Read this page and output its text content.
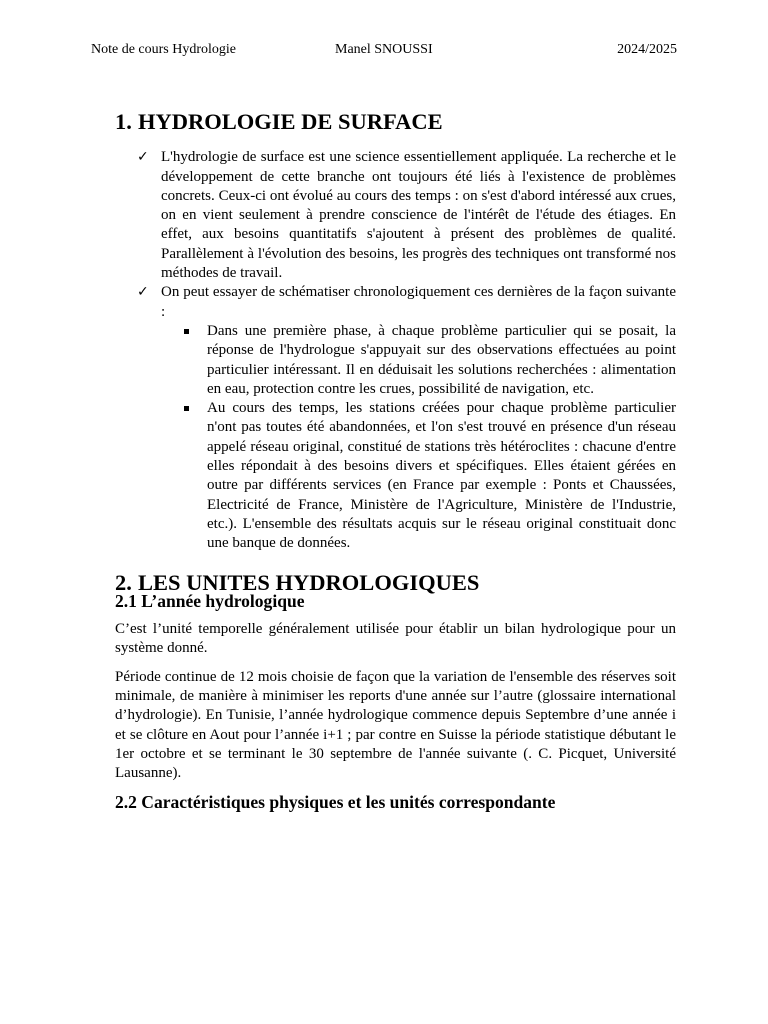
Note de cours Hydrologie	Manel SNOUSSI	2024/2025
1. HYDROLOGIE DE SURFACE
✓ L'hydrologie de surface est une science essentiellement appliquée. La recherche et le développement de cette branche ont toujours été liés à l'existence de problèmes concrets. Ceux-ci ont évolué au cours des temps : on s'est d'abord intéressé aux crues, on en vient seulement à prendre conscience de l'intérêt de l'étude des étiages. En effet, aux besoins quantitatifs s'ajoutent à présent des problèmes de qualité. Parallèlement à l'évolution des besoins, les progrès des techniques ont transformé nos méthodes de travail.
✓ On peut essayer de schématiser chronologiquement ces dernières de la façon suivante :
Dans une première phase, à chaque problème particulier qui se posait, la réponse de l'hydrologue s'appuyait sur des observations effectuées au point particulier intéressant. Il en déduisait les solutions recherchées : alimentation en eau, protection contre les crues, possibilité de navigation, etc.
Au cours des temps, les stations créées pour chaque problème particulier n'ont pas toutes été abandonnées, et l'on s'est trouvé en présence d'un réseau appelé réseau original, constitué de stations très hétéroclites : chacune d'entre elles répondait à des besoins divers et spécifiques. Elles étaient gérées en outre par différents services (en France par exemple : Ponts et Chaussées, Electricité de France, Ministère de l'Agriculture, Ministère de l'Industrie, etc.). L'ensemble des résultats acquis sur le réseau original constituait donc une banque de données.
2. LES UNITES HYDROLOGIQUES
2.1 L’année hydrologique

C’est l’unité temporelle généralement utilisée pour établir un bilan hydrologique pour un système donné.

Période continue de 12 mois choisie de façon que la variation de l'ensemble des réserves soit minimale, de manière à minimiser les reports d'une année sur l’autre (glossaire international d’hydrologie). En Tunisie, l’année hydrologique commence depuis Septembre d’une année i et se clôture en Aout pour l’année i+1 ; par contre en Suisse la période statistique débutant le 1er octobre et se terminant le 30 septembre de l'année suivante (. C. Picquet, Université Lausanne).

2.2 Caractéristiques physiques et les unités correspondante
